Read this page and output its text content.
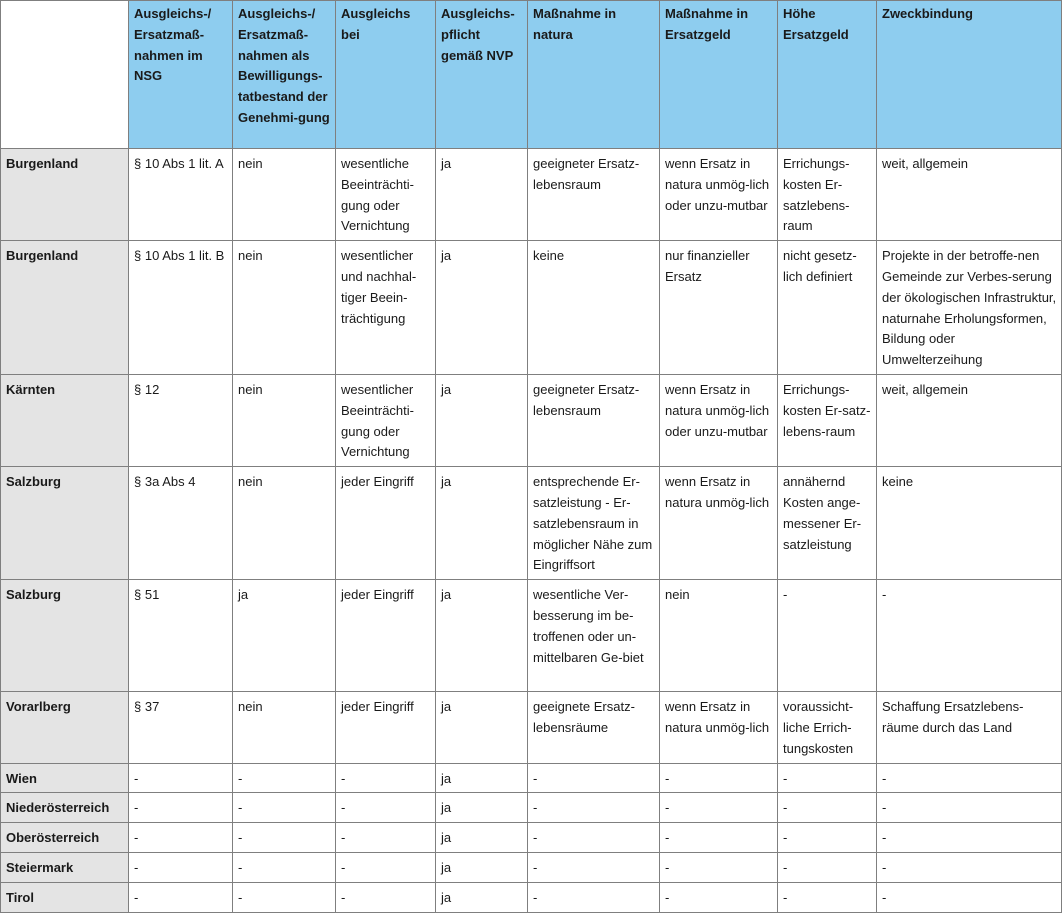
	Ausgleichs-/ Ersatzmaß-nahmen im NSG	Ausgleichs-/ Ersatzmaß-nahmen als Bewilligungs-tatbestand der Genehmi-gung	Ausgleichs bei	Ausgleichs-pflicht gemäß NVP	Maßnahme in natura	Maßnahme in Ersatzgeld	Höhe Ersatzgeld	Zweckbindung
Burgenland	§ 10 Abs 1 lit. A	nein	wesentliche Beeinträchti-gung oder Vernichtung	ja	geeigneter Ersatz-lebensraum	wenn Ersatz in natura unmög-lich oder unzu-mutbar	Errichungs-kosten Er-satzlebens-raum	weit, allgemein
Burgenland	§ 10 Abs 1 lit. B	nein	wesentlicher und nachhal-tiger Beein-trächtigung	ja	keine	nur finanzieller Ersatz	nicht gesetz-lich definiert	Projekte in der betroffe-nen Gemeinde zur Verbes-serung der ökologischen Infrastruktur, naturnahe Erholungsformen, Bildung oder Umwelterzeihung
Kärnten	§ 12	nein	wesentlicher Beeinträchti-gung oder Vernichtung	ja	geeigneter Ersatz-lebensraum	wenn Ersatz in natura unmög-lich oder unzu-mutbar	Errichungs-kosten Er-satz-lebens-raum	weit, allgemein
Salzburg	§ 3a Abs 4	nein	jeder Eingriff	ja	entsprechende Er-satzleistung - Er-satzlebensraum in möglicher Nähe zum Eingriffsort	wenn Ersatz in natura unmög-lich	annähernd Kosten ange-messener Er-satzleistung	keine
Salzburg	§ 51	ja	jeder Eingriff	ja	wesentliche Ver-besserung im be-troffenen oder un-mittelbaren Ge-biet	nein	-	-
Vorarlberg	§ 37	nein	jeder Eingriff	ja	geeignete Ersatz-lebensräume	wenn Ersatz in natura unmög-lich	voraussicht-liche Errich-tungskosten	Schaffung Ersatzlebens-räume durch das Land
Wien	-	-	-	ja	-	-	-	-
Niederösterreich	-	-	-	ja	-	-	-	-
Oberösterreich	-	-	-	ja	-	-	-	-
Steiermark	-	-	-	ja	-	-	-	-
Tirol	-	-	-	ja	-	-	-	-
